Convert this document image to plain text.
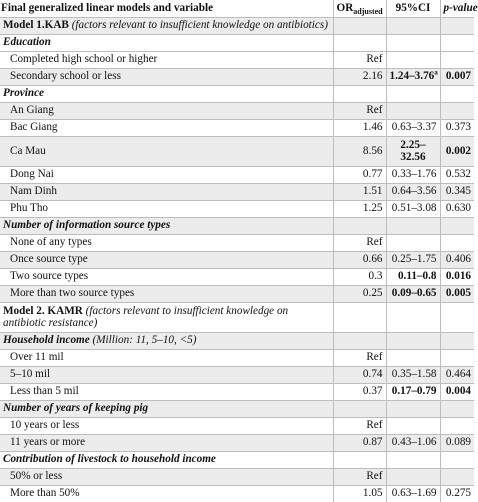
Final generalized linear models and variable	$OR_{adjusted}$	95%CI	p-value
Model 1.KAB (factors relevant to insufficient knowledge on antibiotics)			
Education			
Completed high school or higher	Ref		
Secondary school or less	2.16	1.24–3.76$^a$	0.007
Province			
An Giang	Ref		
Bac Giang	1.46	0.63–3.37	0.373
Ca Mau	8.56	2.25–32.56	0.002
Dong Nai	0.77	0.33–1.76	0.532
Nam Dinh	1.51	0.64–3.56	0.345
Phu Tho	1.25	0.51–3.08	0.630
Number of information source types			
None of any types	Ref		
Once source type	0.66	0.25–1.75	0.406
Two source types	0.3	0.11–0.8	0.016
More than two source types	0.25	0.09–0.65	0.005
Model 2. KAMR (factors relevant to insufficient knowledge on antibiotic resistance)			
Household income (Million: 11, 5–10, <5)			
Over 11 mil	Ref		
5–10 mil	0.74	0.35–1.58	0.464
Less than 5 mil	0.37	0.17–0.79	0.004
Number of years of keeping pig			
10 years or less	Ref		
11 years or more	0.87	0.43–1.06	0.089
Contribution of livestock to household income			
50% or less	Ref		
More than 50%	1.05	0.63–1.69	0.275
